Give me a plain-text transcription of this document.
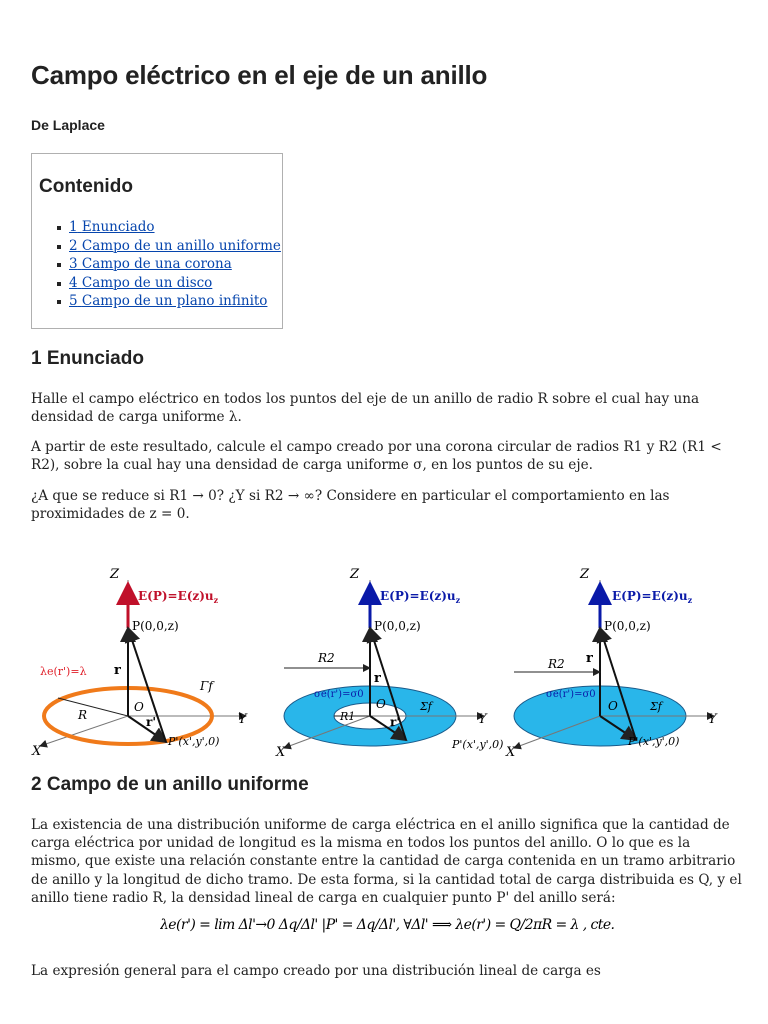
Campo eléctrico en el eje de un anillo
De Laplace
Contenido
1 Enunciado
2 Campo de un anillo uniforme
3 Campo de una corona
4 Campo de un disco
5 Campo de un plano infinito
1 Enunciado

Halle el campo eléctrico en todos los puntos del eje de un anillo de radio R sobre el cual hay una densidad de carga uniforme λ.

A partir de este resultado, calcule el campo creado por una corona circular de radios R1 y R2 (R1 < R2), sobre la cual hay una densidad de carga uniforme σ, en los puntos de su eje.

¿A que se reduce si R1 → 0? ¿Y si R2 → ∞? Considere en particular el comportamiento en las proximidades de z = 0.

Z
Y
X
O
$E(P)=E(z)u_z$
P(0,0,z)
r
r'
λe(r')=λ
R
Γf
P'(x',y',0)
Z
Y
X
O
$E(P)=E(z)u_z$
P(0,0,z)
r
r'
R2
R1
σe(r')=σ0
Σf
P'(x',y',0)
Z
Y
X
O
$E(P)=E(z)u_z$
P(0,0,z)
r
R2
σe(r')=σ0
Σf
P'(x',y',0)
2 Campo de un anillo uniforme

La existencia de una distribución uniforme de carga eléctrica en el anillo significa que la cantidad de carga eléctrica por unidad de longitud es la misma en todos los puntos del anillo. O lo que es la mismo, que existe una relación constante entre la cantidad de carga contenida en un tramo arbitrario de anillo y la longitud de dicho tramo. De esta forma, si la cantidad total de carga distribuida es Q, y el anillo tiene radio R, la densidad lineal de carga en cualquier punto P' del anillo será:

λe(r') = lim Δl'→0 Δq/Δl' |P' = Δq/Δl', ∀Δl' ⟹ λe(r') = Q/2πR = λ , cte.

La expresión general para el campo creado por una distribución lineal de carga es
